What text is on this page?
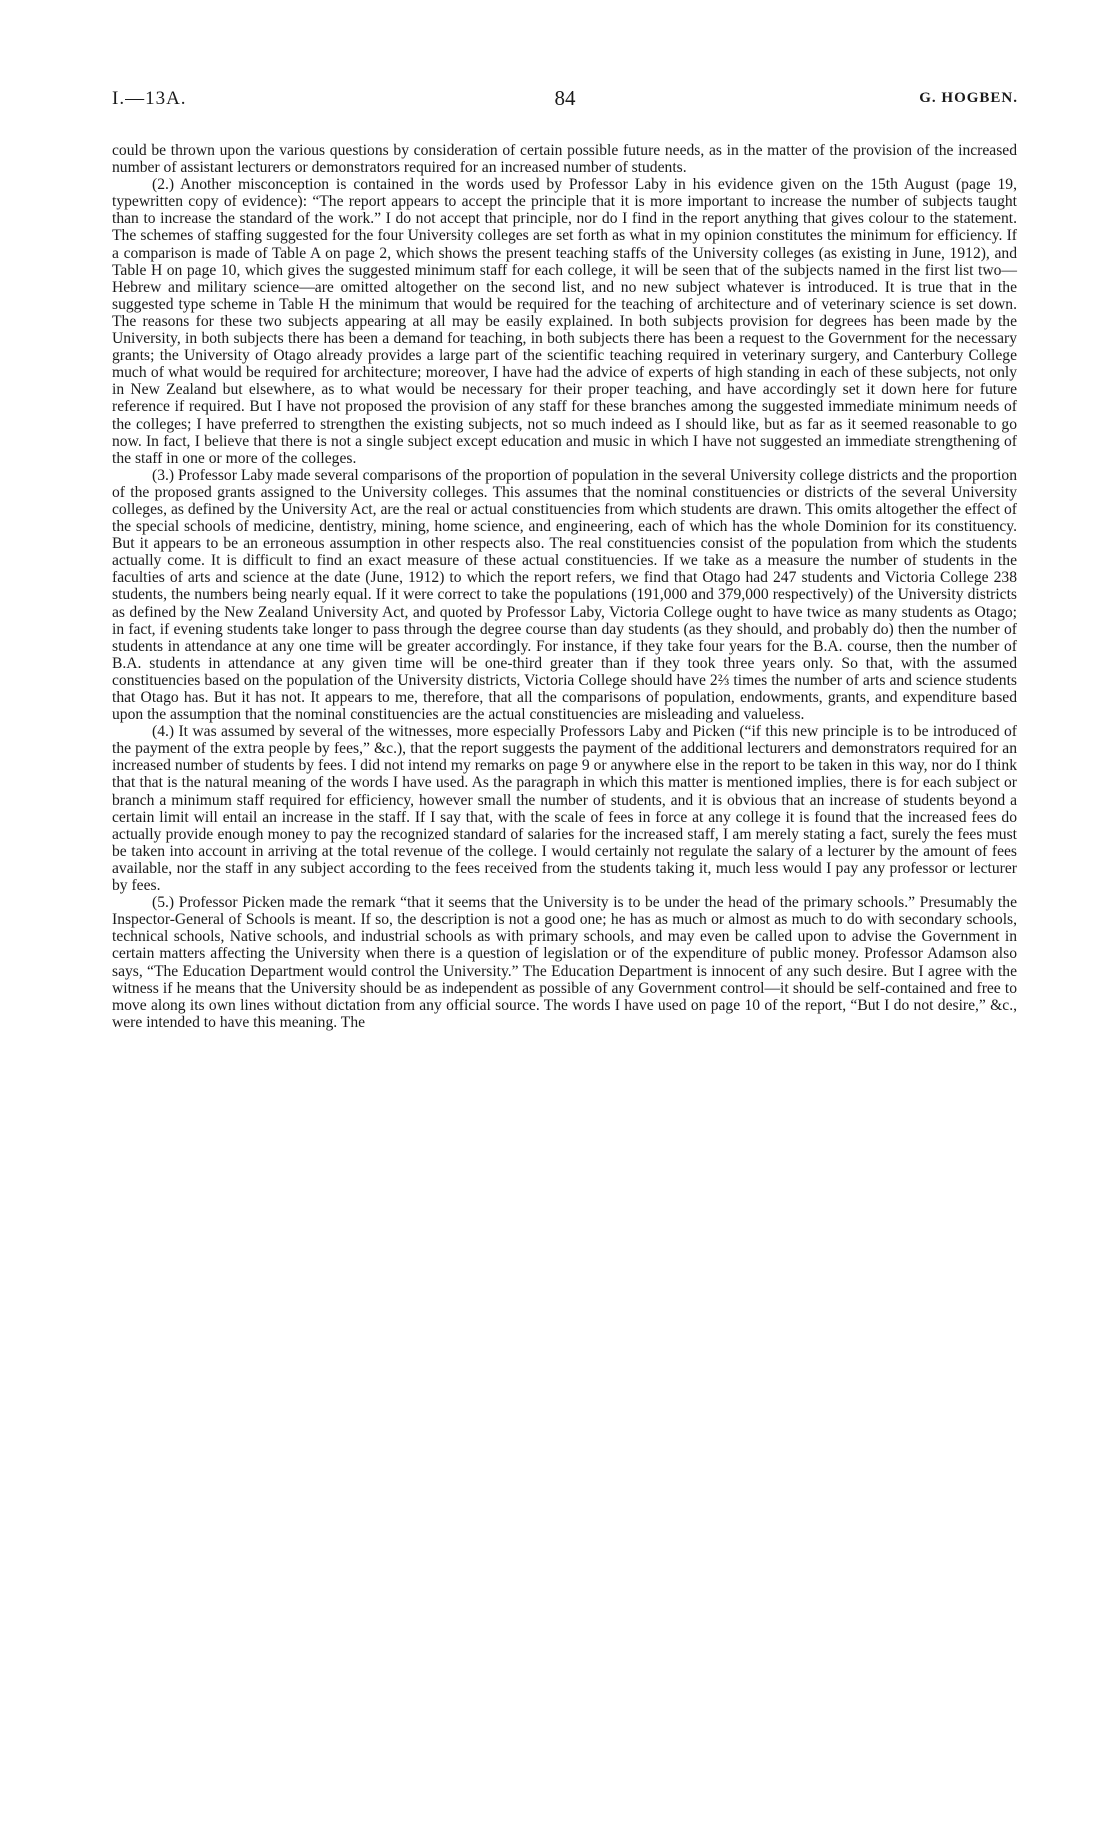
I.—13A.	84	G. HOGBEN.

could be thrown upon the various questions by consideration of certain possible future needs, as in the matter of the provision of the increased number of assistant lecturers or demonstrators required for an increased number of students.

(2.) Another misconception is contained in the words used by Professor Laby in his evidence given on the 15th August (page 19, typewritten copy of evidence): “The report appears to accept the principle that it is more important to increase the number of subjects taught than to increase the standard of the work.” I do not accept that principle, nor do I find in the report anything that gives colour to the statement. The schemes of staffing suggested for the four University colleges are set forth as what in my opinion constitutes the minimum for efficiency. If a comparison is made of Table A on page 2, which shows the present teaching staffs of the University colleges (as existing in June, 1912), and Table H on page 10, which gives the suggested minimum staff for each college, it will be seen that of the subjects named in the first list two—Hebrew and military science—are omitted altogether on the second list, and no new subject whatever is introduced. It is true that in the suggested type scheme in Table H the minimum that would be required for the teaching of architecture and of veterinary science is set down. The reasons for these two subjects appearing at all may be easily explained. In both subjects provision for degrees has been made by the University, in both subjects there has been a demand for teaching, in both subjects there has been a request to the Government for the necessary grants; the University of Otago already provides a large part of the scientific teaching required in veterinary surgery, and Canterbury College much of what would be required for architecture; moreover, I have had the advice of experts of high standing in each of these subjects, not only in New Zealand but elsewhere, as to what would be necessary for their proper teaching, and have accordingly set it down here for future reference if required. But I have not proposed the provision of any staff for these branches among the suggested immediate minimum needs of the colleges; I have preferred to strengthen the existing subjects, not so much indeed as I should like, but as far as it seemed reasonable to go now. In fact, I believe that there is not a single subject except education and music in which I have not suggested an immediate strengthening of the staff in one or more of the colleges.

(3.) Professor Laby made several comparisons of the proportion of population in the several University college districts and the proportion of the proposed grants assigned to the University colleges. This assumes that the nominal constituencies or districts of the several University colleges, as defined by the University Act, are the real or actual constituencies from which students are drawn. This omits altogether the effect of the special schools of medicine, dentistry, mining, home science, and engineering, each of which has the whole Dominion for its constituency. But it appears to be an erroneous assumption in other respects also. The real constituencies consist of the population from which the students actually come. It is difficult to find an exact measure of these actual constituencies. If we take as a measure the number of students in the faculties of arts and science at the date (June, 1912) to which the report refers, we find that Otago had 247 students and Victoria College 238 students, the numbers being nearly equal. If it were correct to take the populations (191,000 and 379,000 respectively) of the University districts as defined by the New Zealand University Act, and quoted by Professor Laby, Victoria College ought to have twice as many students as Otago; in fact, if evening students take longer to pass through the degree course than day students (as they should, and probably do) then the number of students in attendance at any one time will be greater accordingly. For instance, if they take four years for the B.A. course, then the number of B.A. students in attendance at any given time will be one-third greater than if they took three years only. So that, with the assumed constituencies based on the population of the University districts, Victoria College should have 2⅔ times the number of arts and science students that Otago has. But it has not. It appears to me, therefore, that all the comparisons of population, endowments, grants, and expenditure based upon the assumption that the nominal constituencies are the actual constituencies are misleading and valueless.

(4.) It was assumed by several of the witnesses, more especially Professors Laby and Picken (“if this new principle is to be introduced of the payment of the extra people by fees,” &c.), that the report suggests the payment of the additional lecturers and demonstrators required for an increased number of students by fees. I did not intend my remarks on page 9 or anywhere else in the report to be taken in this way, nor do I think that that is the natural meaning of the words I have used. As the paragraph in which this matter is mentioned implies, there is for each subject or branch a minimum staff required for efficiency, however small the number of students, and it is obvious that an increase of students beyond a certain limit will entail an increase in the staff. If I say that, with the scale of fees in force at any college it is found that the increased fees do actually provide enough money to pay the recognized standard of salaries for the increased staff, I am merely stating a fact, surely the fees must be taken into account in arriving at the total revenue of the college. I would certainly not regulate the salary of a lecturer by the amount of fees available, nor the staff in any subject according to the fees received from the students taking it, much less would I pay any professor or lecturer by fees.

(5.) Professor Picken made the remark “that it seems that the University is to be under the head of the primary schools.” Presumably the Inspector-General of Schools is meant. If so, the description is not a good one; he has as much or almost as much to do with secondary schools, technical schools, Native schools, and industrial schools as with primary schools, and may even be called upon to advise the Government in certain matters affecting the University when there is a question of legislation or of the expenditure of public money. Professor Adamson also says, “The Education Department would control the University.” The Education Department is innocent of any such desire. But I agree with the witness if he means that the University should be as independent as possible of any Government control—it should be self-contained and free to move along its own lines without dictation from any official source. The words I have used on page 10 of the report, “But I do not desire,” &c., were intended to have this meaning. The
